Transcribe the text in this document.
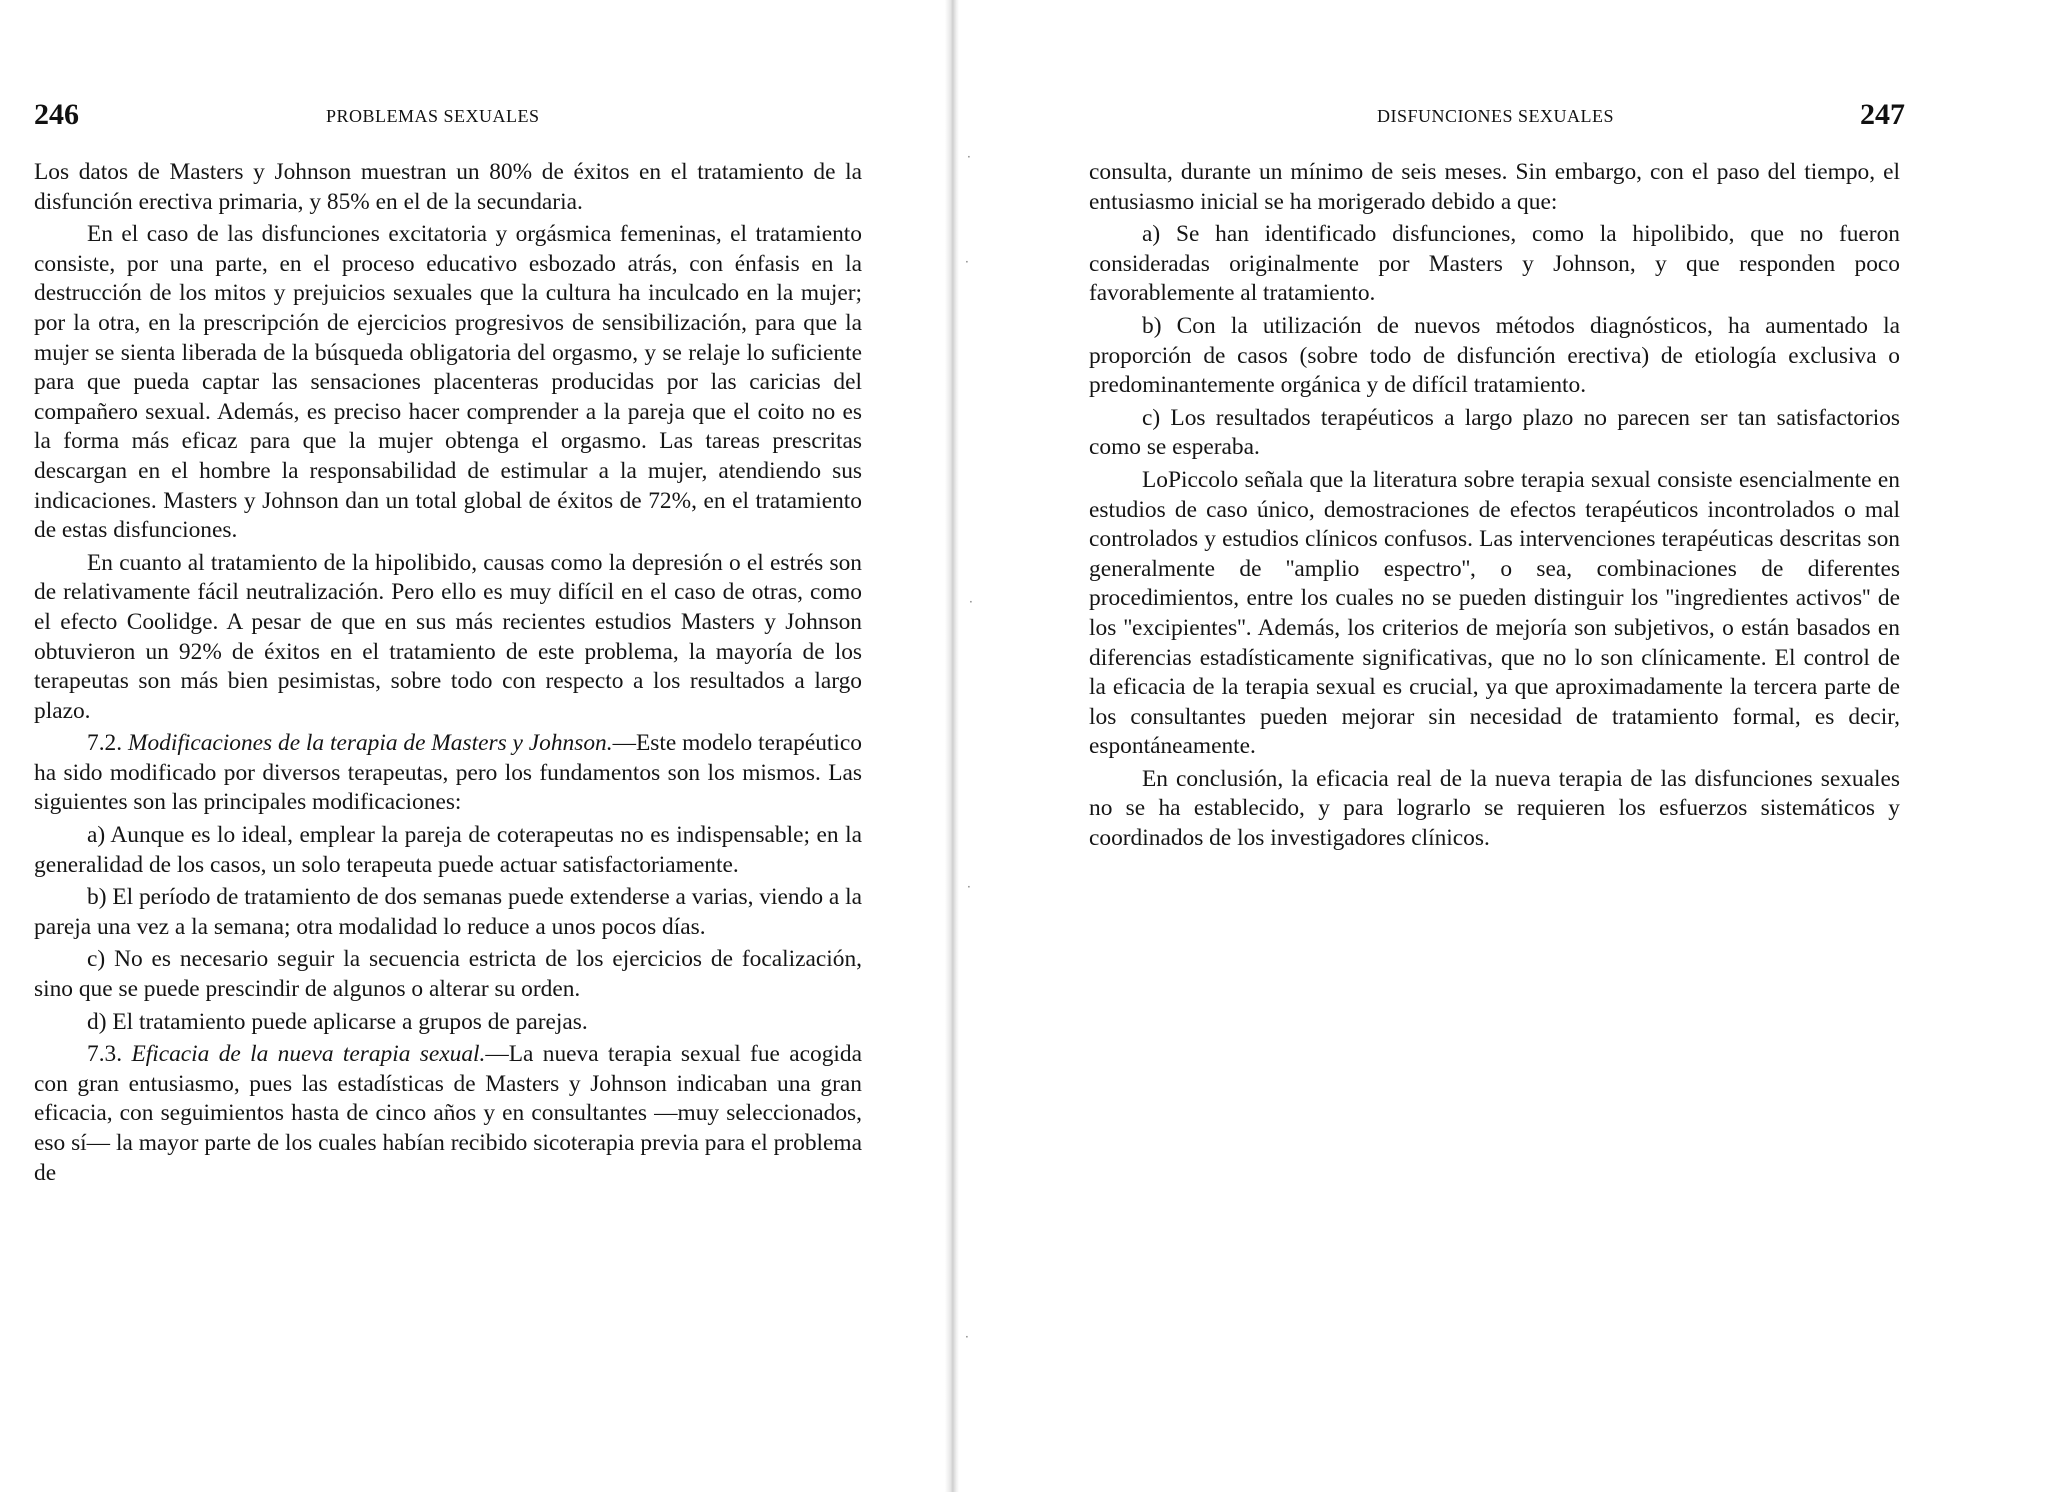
246	PROBLEMAS SEXUALES

Los datos de Masters y Johnson muestran un 80% de éxitos en el tratamiento de la disfunción erectiva primaria, y 85% en el de la secundaria.

En el caso de las disfunciones excitatoria y orgásmica femeninas, el tratamiento consiste, por una parte, en el proceso educativo esbozado atrás, con énfasis en la destrucción de los mitos y prejuicios sexuales que la cultura ha inculcado en la mujer; por la otra, en la prescripción de ejercicios progresivos de sensibilización, para que la mujer se sienta liberada de la búsqueda obligatoria del orgasmo, y se relaje lo suficiente para que pueda captar las sensaciones placenteras producidas por las caricias del compañero sexual. Además, es preciso hacer comprender a la pareja que el coito no es la forma más eficaz para que la mujer obtenga el orgasmo. Las tareas prescritas descargan en el hombre la responsabilidad de estimular a la mujer, atendiendo sus indicaciones. Masters y Johnson dan un total global de éxitos de 72%, en el tratamiento de estas disfunciones.

En cuanto al tratamiento de la hipolibido, causas como la depresión o el estrés son de relativamente fácil neutralización. Pero ello es muy difícil en el caso de otras, como el efecto Coolidge. A pesar de que en sus más recientes estudios Masters y Johnson obtuvieron un 92% de éxitos en el tratamiento de este problema, la mayoría de los terapeutas son más bien pesimistas, sobre todo con respecto a los resultados a largo plazo.

7.2. Modificaciones de la terapia de Masters y Johnson.—Este modelo terapéutico ha sido modificado por diversos terapeutas, pero los fundamentos son los mismos. Las siguientes son las principales modificaciones:

a) Aunque es lo ideal, emplear la pareja de coterapeutas no es indispensable; en la generalidad de los casos, un solo terapeuta puede actuar satisfactoriamente.

b) El período de tratamiento de dos semanas puede extenderse a varias, viendo a la pareja una vez a la semana; otra modalidad lo reduce a unos pocos días.

c) No es necesario seguir la secuencia estricta de los ejercicios de focalización, sino que se puede prescindir de algunos o alterar su orden.

d) El tratamiento puede aplicarse a grupos de parejas.

7.3. Eficacia de la nueva terapia sexual.—La nueva terapia sexual fue acogida con gran entusiasmo, pues las estadísticas de Masters y Johnson indicaban una gran eficacia, con seguimientos hasta de cinco años y en consultantes —muy seleccionados, eso sí— la mayor parte de los cuales habían recibido sicoterapia previa para el problema de

·
·
·
·
·
DISFUNCIONES SEXUALES	247

consulta, durante un mínimo de seis meses. Sin embargo, con el paso del tiempo, el entusiasmo inicial se ha morigerado debido a que:

a) Se han identificado disfunciones, como la hipolibido, que no fueron consideradas originalmente por Masters y Johnson, y que responden poco favorablemente al tratamiento.

b) Con la utilización de nuevos métodos diagnósticos, ha aumentado la proporción de casos (sobre todo de disfunción erectiva) de etiología exclusiva o predominantemente orgánica y de difícil tratamiento.

c) Los resultados terapéuticos a largo plazo no parecen ser tan satisfactorios como se esperaba.

LoPiccolo señala que la literatura sobre terapia sexual consiste esencialmente en estudios de caso único, demostraciones de efectos terapéuticos incontrolados o mal controlados y estudios clínicos confusos. Las intervenciones terapéuticas descritas son generalmente de ''amplio espectro'', o sea, combinaciones de diferentes procedimientos, entre los cuales no se pueden distinguir los ''ingredientes activos'' de los ''excipientes''. Además, los criterios de mejoría son subjetivos, o están basados en diferencias estadísticamente significativas, que no lo son clínicamente. El control de la eficacia de la terapia sexual es crucial, ya que aproximadamente la tercera parte de los consultantes pueden mejorar sin necesidad de tratamiento formal, es decir, espontáneamente.

En conclusión, la eficacia real de la nueva terapia de las disfunciones sexuales no se ha establecido, y para lograrlo se requieren los esfuerzos sistemáticos y coordinados de los investigadores clínicos.
